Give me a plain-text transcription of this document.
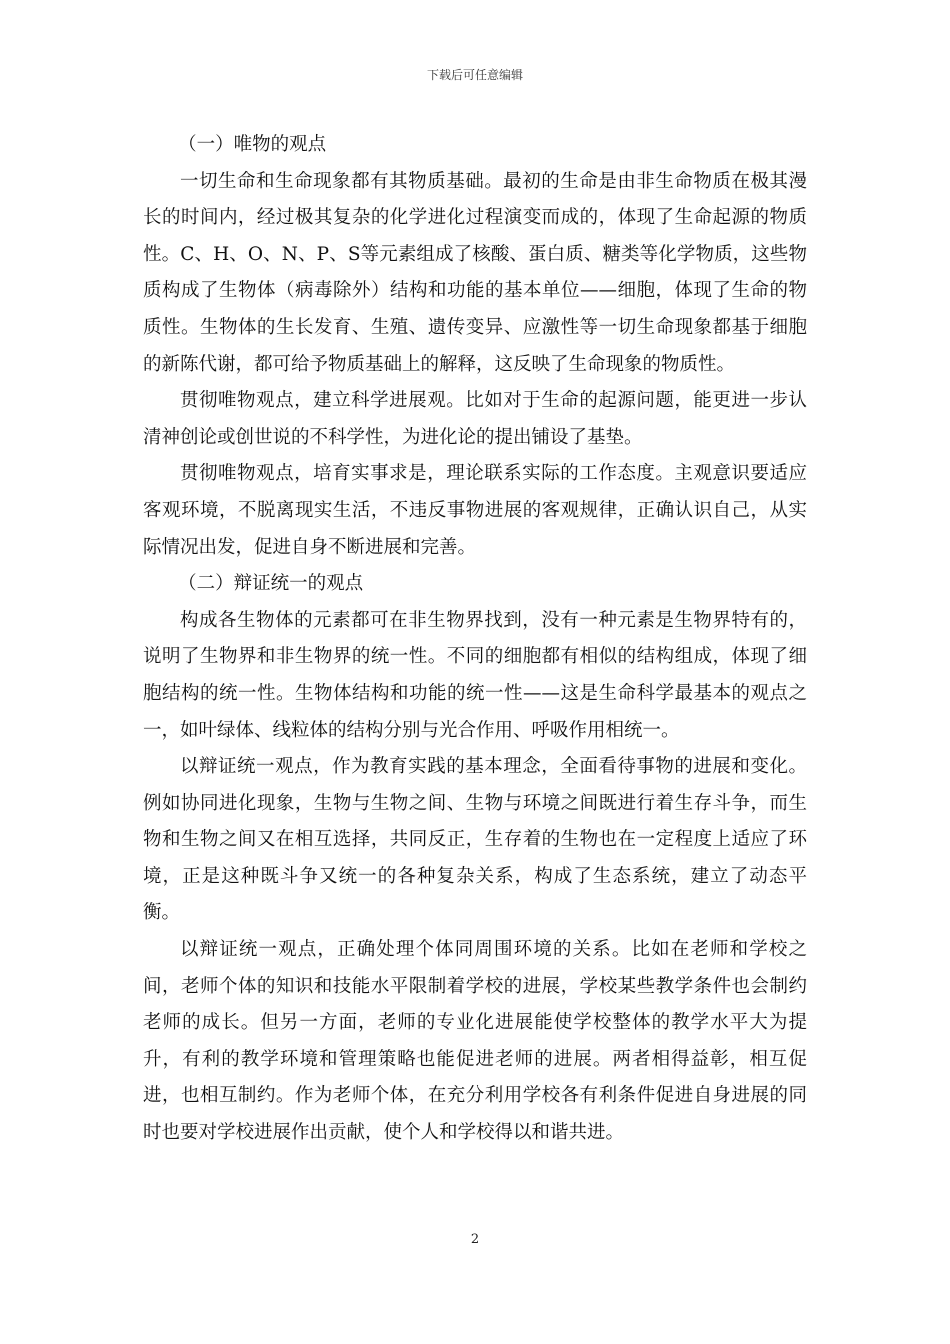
下载后可任意编辑

（一）唯物的观点

一切生命和生命现象都有其物质基础。最初的生命是由非生命物质在极其漫长的时间内，经过极其复杂的化学进化过程演变而成的，体现了生命起源的物质性。C、H、O、N、P、S等元素组成了核酸、蛋白质、糖类等化学物质，这些物质构成了生物体（病毒除外）结构和功能的基本单位——细胞，体现了生命的物质性。生物体的生长发育、生殖、遗传变异、应激性等一切生命现象都基于细胞的新陈代谢，都可给予物质基础上的解释，这反映了生命现象的物质性。

贯彻唯物观点，建立科学进展观。比如对于生命的起源问题，能更进一步认清神创论或创世说的不科学性，为进化论的提出铺设了基垫。

贯彻唯物观点，培育实事求是，理论联系实际的工作态度。主观意识要适应客观环境，不脱离现实生活，不违反事物进展的客观规律，正确认识自己，从实际情况出发，促进自身不断进展和完善。

（二）辩证统一的观点

构成各生物体的元素都可在非生物界找到，没有一种元素是生物界特有的，说明了生物界和非生物界的统一性。不同的细胞都有相似的结构组成，体现了细胞结构的统一性。生物体结构和功能的统一性——这是生命科学最基本的观点之一，如叶绿体、线粒体的结构分别与光合作用、呼吸作用相统一。

以辩证统一观点，作为教育实践的基本理念，全面看待事物的进展和变化。例如协同进化现象，生物与生物之间、生物与环境之间既进行着生存斗争，而生物和生物之间又在相互选择，共同反正，生存着的生物也在一定程度上适应了环境，正是这种既斗争又统一的各种复杂关系，构成了生态系统，建立了动态平衡。

以辩证统一观点，正确处理个体同周围环境的关系。比如在老师和学校之间，老师个体的知识和技能水平限制着学校的进展，学校某些教学条件也会制约老师的成长。但另一方面，老师的专业化进展能使学校整体的教学水平大为提升，有利的教学环境和管理策略也能促进老师的进展。两者相得益彰，相互促进，也相互制约。作为老师个体，在充分利用学校各有利条件促进自身进展的同时也要对学校进展作出贡献，使个人和学校得以和谐共进。

2
